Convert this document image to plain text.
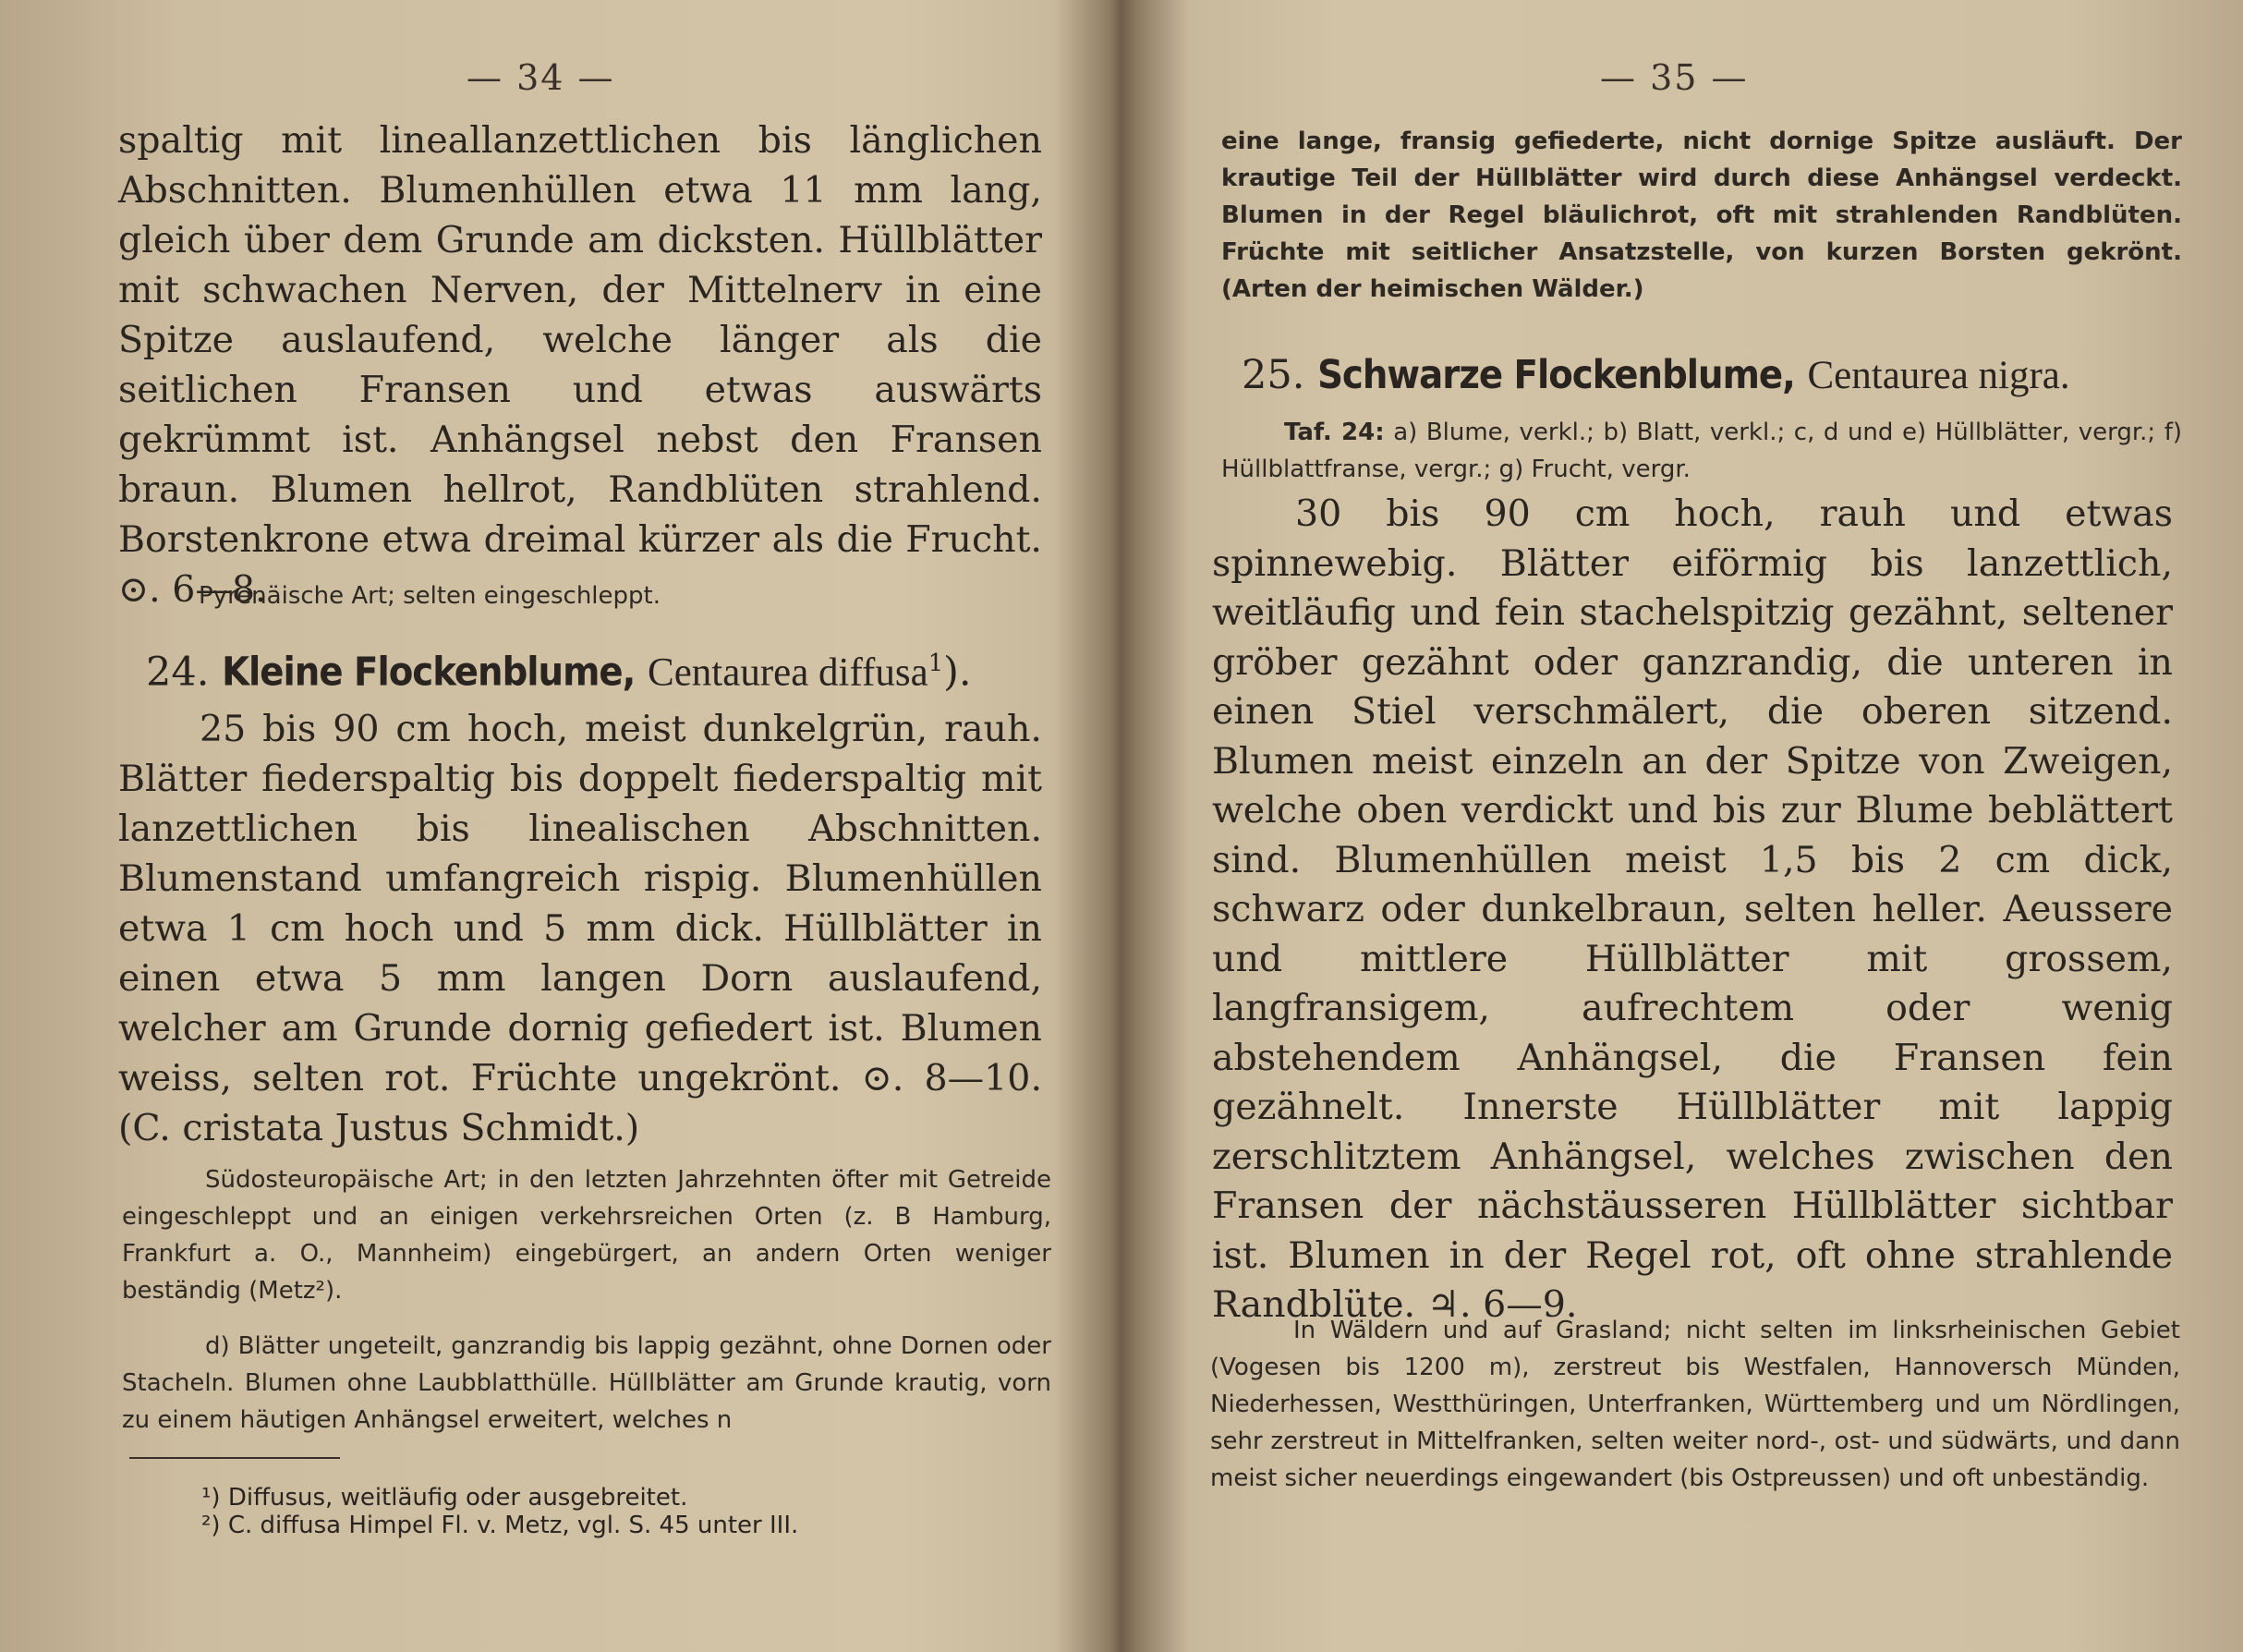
— 34 —
spaltig mit lineallanzettlichen bis länglichen Abschnitten. Blumenhüllen etwa 11 mm lang, gleich über dem Grunde am dicksten. Hüllblätter mit schwachen Nerven, der Mittelnerv in eine Spitze auslaufend, welche länger als die seitlichen Fransen und etwas auswärts gekrümmt ist. Anhängsel nebst den Fransen braun. Blumen hellrot, Randblüten strahlend. Borstenkrone etwa dreimal kürzer als die Frucht. ⊙. 6—8.
Pyrenäische Art; selten eingeschleppt.
24. Kleine Flockenblume, Centaurea diffusa$^1$).
25 bis 90 cm hoch, meist dunkelgrün, rauh. Blätter fiederspaltig bis doppelt fiederspaltig mit lanzettlichen bis linealischen Abschnitten. Blumenstand umfangreich rispig. Blumenhüllen etwa 1 cm hoch und 5 mm dick. Hüllblätter in einen etwa 5 mm langen Dorn auslaufend, welcher am Grunde dornig gefiedert ist. Blumen weiss, selten rot. Früchte ungekrönt. ⊙. 8—10. (C. cristata Justus Schmidt.)
Südosteuropäische Art; in den letzten Jahrzehnten öfter mit Getreide eingeschleppt und an einigen verkehrsreichen Orten (z. B Hamburg, Frankfurt a. O., Mannheim) eingebürgert, an andern Orten weniger beständig (Metz²).
d) Blätter ungeteilt, ganzrandig bis lappig gezähnt, ohne Dornen oder Stacheln. Blumen ohne Laubblatthülle. Hüllblätter am Grunde krautig, vorn zu einem häutigen Anhängsel erweitert, welches n
¹) Diffusus, weitläufig oder ausgebreitet.
²) C. diffusa Himpel Fl. v. Metz, vgl. S. 45 unter III.
— 35 —
eine lange, fransig gefiederte, nicht dornige Spitze ausläuft. Der krautige Teil der Hüllblätter wird durch diese Anhängsel verdeckt. Blumen in der Regel bläulichrot, oft mit strahlenden Randblüten. Früchte mit seitlicher Ansatzstelle, von kurzen Borsten gekrönt. (Arten der heimischen Wälder.)
25. Schwarze Flockenblume, Centaurea nigra.
Taf. 24: a) Blume, verkl.; b) Blatt, verkl.; c, d und e) Hüllblätter, vergr.; f) Hüllblattfranse, vergr.; g) Frucht, vergr.
30 bis 90 cm hoch, rauh und etwas spinnewebig. Blätter eiförmig bis lanzettlich, weitläufig und fein stachelspitzig gezähnt, seltener gröber gezähnt oder ganzrandig, die unteren in einen Stiel verschmälert, die oberen sitzend. Blumen meist einzeln an der Spitze von Zweigen, welche oben verdickt und bis zur Blume beblättert sind. Blumenhüllen meist 1,5 bis 2 cm dick, schwarz oder dunkelbraun, selten heller. Aeussere und mittlere Hüllblätter mit grossem, langfransigem, aufrechtem oder wenig abstehendem Anhängsel, die Fransen fein gezähnelt. Innerste Hüllblätter mit lappig zerschlitztem Anhängsel, welches zwischen den Fransen der nächstäusseren Hüllblätter sichtbar ist. Blumen in der Regel rot, oft ohne strahlende Randblüte. ♃. 6—9.
In Wäldern und auf Grasland; nicht selten im linksrheinischen Gebiet (Vogesen bis 1200 m), zerstreut bis Westfalen, Hannoversch Münden, Niederhessen, Westthüringen, Unterfranken, Württemberg und um Nördlingen, sehr zerstreut in Mittelfranken, selten weiter nord-, ost- und südwärts, und dann meist sicher neuerdings eingewandert (bis Ostpreussen) und oft unbeständig.
